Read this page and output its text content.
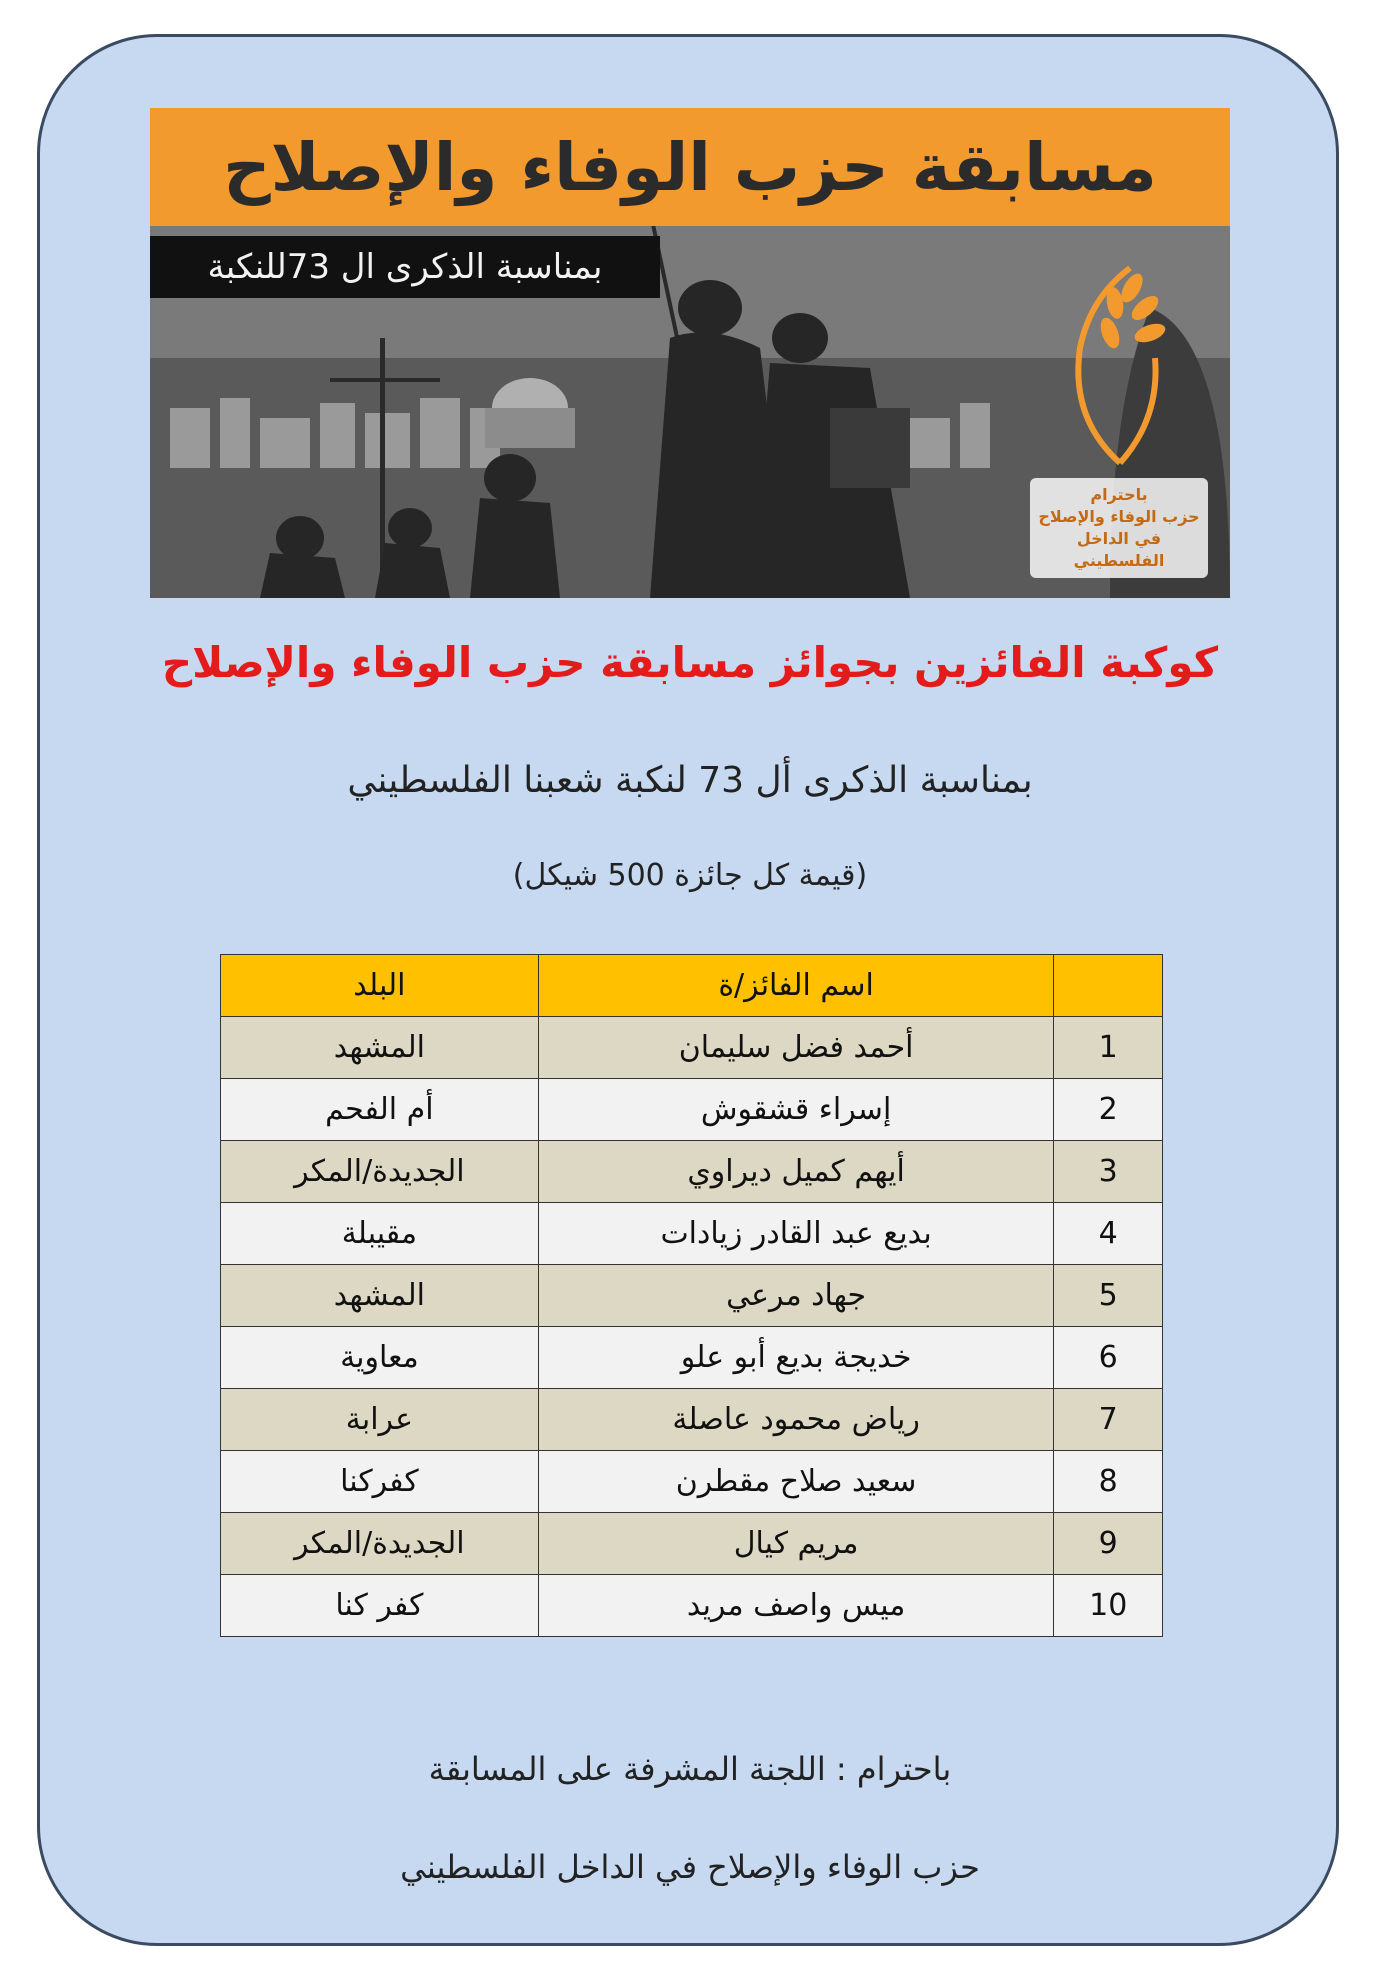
مسابقة حزب الوفاء والإصلاح
بمناسبة الذكرى ال 73للنكبة
باحترام
حزب الوفاء والإصلاح
في الداخل الفلسطيني
كوكبة الفائزين بجوائز مسابقة حزب الوفاء والإصلاح
بمناسبة الذكرى أل 73 لنكبة شعبنا الفلسطيني
(قيمة كل جائزة 500 شيكل)
	اسم الفائز/ة	البلد
1	أحمد فضل سليمان	المشهد
2	إسراء قشقوش	أم الفحم
3	أيهم كميل ديراوي	الجديدة/المكر
4	بديع عبد القادر زيادات	مقيبلة
5	جهاد مرعي	المشهد
6	خديجة بديع أبو علو	معاوية
7	رياض محمود عاصلة	عرابة
8	سعيد صلاح مقطرن	كفركنا
9	مريم كيال	الجديدة/المكر
10	ميس واصف مريد	كفر كنا
باحترام : اللجنة المشرفة على المسابقة
حزب الوفاء والإصلاح في الداخل الفلسطيني
